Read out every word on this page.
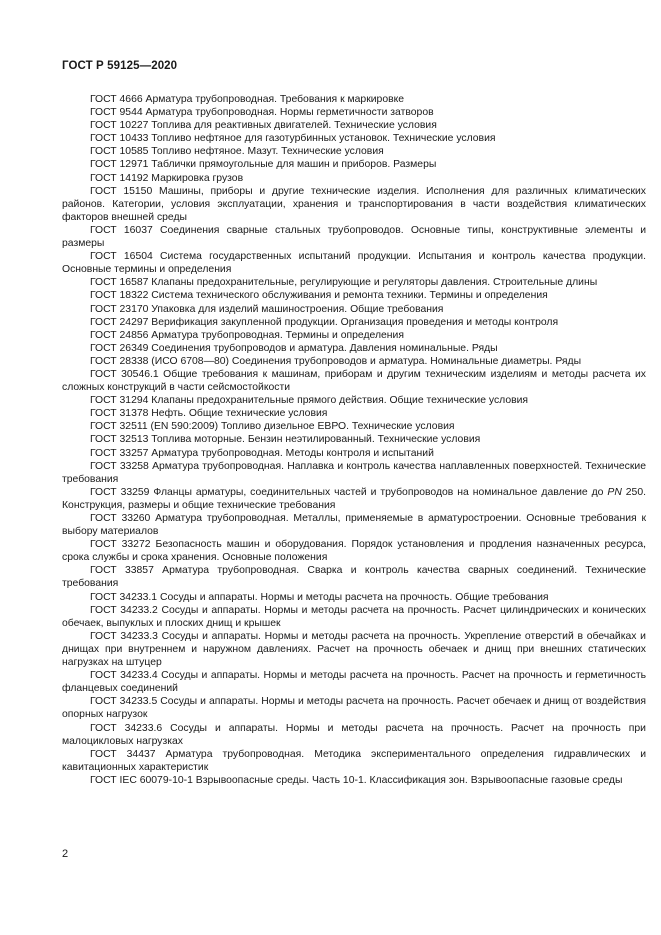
ГОСТ Р 59125—2020
ГОСТ 4666 Арматура трубопроводная. Требования к маркировке
ГОСТ 9544 Арматура трубопроводная. Нормы герметичности затворов
ГОСТ 10227 Топлива для реактивных двигателей. Технические условия
ГОСТ 10433 Топливо нефтяное для газотурбинных установок. Технические условия
ГОСТ 10585 Топливо нефтяное. Мазут. Технические условия
ГОСТ 12971 Таблички прямоугольные для машин и приборов. Размеры
ГОСТ 14192 Маркировка грузов
ГОСТ 15150 Машины, приборы и другие технические изделия. Исполнения для различных климатических районов. Категории, условия эксплуатации, хранения и транспортирования в части воздействия климатических факторов внешней среды
ГОСТ 16037 Соединения сварные стальных трубопроводов. Основные типы, конструктивные элементы и размеры
ГОСТ 16504 Система государственных испытаний продукции. Испытания и контроль качества продукции. Основные термины и определения
ГОСТ 16587 Клапаны предохранительные, регулирующие и регуляторы давления. Строительные длины
ГОСТ 18322 Система технического обслуживания и ремонта техники. Термины и определения
ГОСТ 23170 Упаковка для изделий машиностроения. Общие требования
ГОСТ 24297 Верификация закупленной продукции. Организация проведения и методы контроля
ГОСТ 24856 Арматура трубопроводная. Термины и определения
ГОСТ 26349 Соединения трубопроводов и арматура. Давления номинальные. Ряды
ГОСТ 28338 (ИСО 6708—80) Соединения трубопроводов и арматура. Номинальные диаметры. Ряды
ГОСТ 30546.1 Общие требования к машинам, приборам и другим техническим изделиям и методы расчета их сложных конструкций в части сейсмостойкости
ГОСТ 31294 Клапаны предохранительные прямого действия. Общие технические условия
ГОСТ 31378 Нефть. Общие технические условия
ГОСТ 32511 (EN 590:2009) Топливо дизельное ЕВРО. Технические условия
ГОСТ 32513 Топлива моторные. Бензин неэтилированный. Технические условия
ГОСТ 33257 Арматура трубопроводная. Методы контроля и испытаний
ГОСТ 33258 Арматура трубопроводная. Наплавка и контроль качества наплавленных поверхностей. Технические требования
ГОСТ 33259 Фланцы арматуры, соединительных частей и трубопроводов на номинальное давление до PN 250. Конструкция, размеры и общие технические требования
ГОСТ 33260 Арматура трубопроводная. Металлы, применяемые в арматуростроении. Основные требования к выбору материалов
ГОСТ 33272 Безопасность машин и оборудования. Порядок установления и продления назначенных ресурса, срока службы и срока хранения. Основные положения
ГОСТ 33857 Арматура трубопроводная. Сварка и контроль качества сварных соединений. Технические требования
ГОСТ 34233.1 Сосуды и аппараты. Нормы и методы расчета на прочность. Общие требования
ГОСТ 34233.2 Сосуды и аппараты. Нормы и методы расчета на прочность. Расчет цилиндрических и конических обечаек, выпуклых и плоских днищ и крышек
ГОСТ 34233.3 Сосуды и аппараты. Нормы и методы расчета на прочность. Укрепление отверстий в обечайках и днищах при внутреннем и наружном давлениях. Расчет на прочность обечаек и днищ при внешних статических нагрузках на штуцер
ГОСТ 34233.4 Сосуды и аппараты. Нормы и методы расчета на прочность. Расчет на прочность и герметичность фланцевых соединений
ГОСТ 34233.5 Сосуды и аппараты. Нормы и методы расчета на прочность. Расчет обечаек и днищ от воздействия опорных нагрузок
ГОСТ 34233.6 Сосуды и аппараты. Нормы и методы расчета на прочность. Расчет на прочность при малоцикловых нагрузках
ГОСТ 34437 Арматура трубопроводная. Методика экспериментального определения гидравлических и кавитационных характеристик
ГОСТ IEC 60079-10-1 Взрывоопасные среды. Часть 10-1. Классификация зон. Взрывоопасные газовые среды
2
